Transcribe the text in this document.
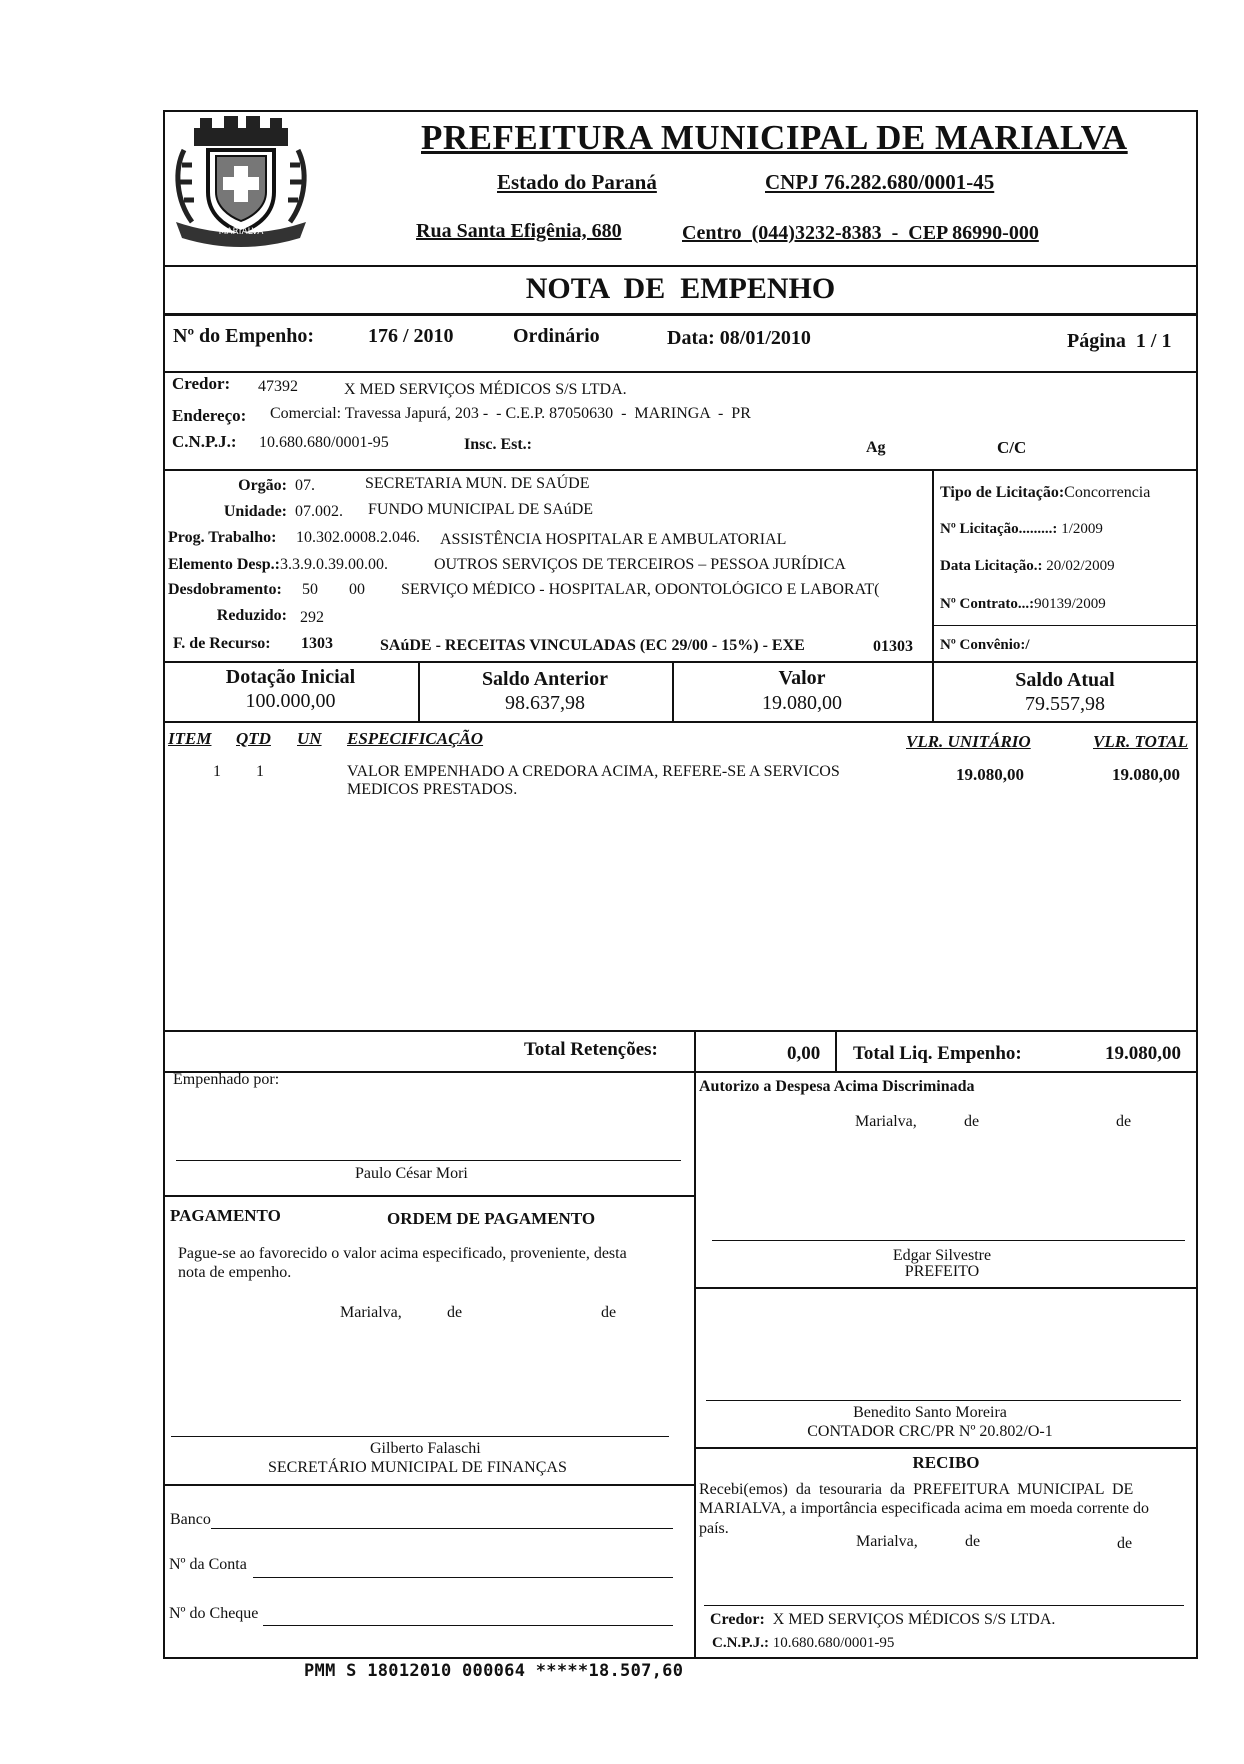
MARIALVA
PREFEITURA MUNICIPAL DE MARIALVA
Estado do Paraná	CNPJ 76.282.680/0001-45
Rua Santa Efigênia, 680	Centro  (044)3232-8383  -  CEP 86990-000
NOTA  DE  EMPENHO
Nº do Empenho:	176 / 2010	Ordinário	Data: 08/01/2010	Página  1 / 1
Credor: 47392	X MED SERVIÇOS MÉDICOS S/S LTDA.
Endereço: Comercial: Travessa Japurá, 203 -  - C.E.P. 87050630  -  MARINGA  -  PR
C.N.P.J.: 10.680.680/0001-95	Insc. Est.:	Ag	C/C
Orgão: 07.	SECRETARIA MUN. DE SAÚDE
Unidade: 07.002. FUNDO MUNICIPAL DE SAúDE
Prog. Trabalho: 10.302.0008.2.046. ASSISTÊNCIA HOSPITALAR E AMBULATORIAL
Elemento Desp.: 3.3.9.0.39.00.00.	OUTROS SERVIÇOS DE TERCEIROS – PESSOA JURÍDICA
Desdobramento: 50 00 SERVIÇO MÉDICO - HOSPITALAR, ODONTOLÓGICO E LABORAT(
Reduzido: 292
F. de Recurso: 1303	SAúDE - RECEITAS VINCULADAS (EC 29/00 - 15%) - EXE	01303
Tipo de Licitação:Concorrencia
Nº Licitação.........: 1/2009
Data Licitação.: 20/02/2009
Nº Contrato...:90139/2009
Nº Convênio:/
Dotação Inicial
100.000,00
Saldo Anterior
98.637,98
Valor
19.080,00
Saldo Atual
79.557,98
ITEM QTD UN ESPECIFICAÇÃO	VLR. UNITÁRIO	VLR. TOTAL
1 1	VALOR EMPENHADO A CREDORA ACIMA, REFERE-SE A SERVICOS
MEDICOS PRESTADOS.
19.080,00	19.080,00
Total Retenções:	0,00 Total Liq. Empenho:	19.080,00
Empenhado por:
Paulo César Mori
PAGAMENTO	ORDEM DE PAGAMENTO
Pague-se ao favorecido o valor acima especificado, proveniente, desta
nota de empenho.
Marialva,	de	de
Gilberto Falaschi
SECRETÁRIO MUNICIPAL DE FINANÇAS
Banco
Nº da Conta
Nº do Cheque
Autorizo a Despesa Acima Discriminada
Marialva,	de	de
Edgar Silvestre
PREFEITO
Benedito Santo Moreira
CONTADOR CRC/PR Nº 20.802/O-1
RECIBO
Recebi(emos)  da  tesouraria  da  PREFEITURA  MUNICIPAL  DE
MARIALVA, a importância especificada acima em moeda corrente do
país.
Marialva,	de	de
Credor: X MED SERVIÇOS MÉDICOS S/S LTDA.
C.N.P.J.: 10.680.680/0001-95
PMM S 18012010 000064 *****18.507,60
